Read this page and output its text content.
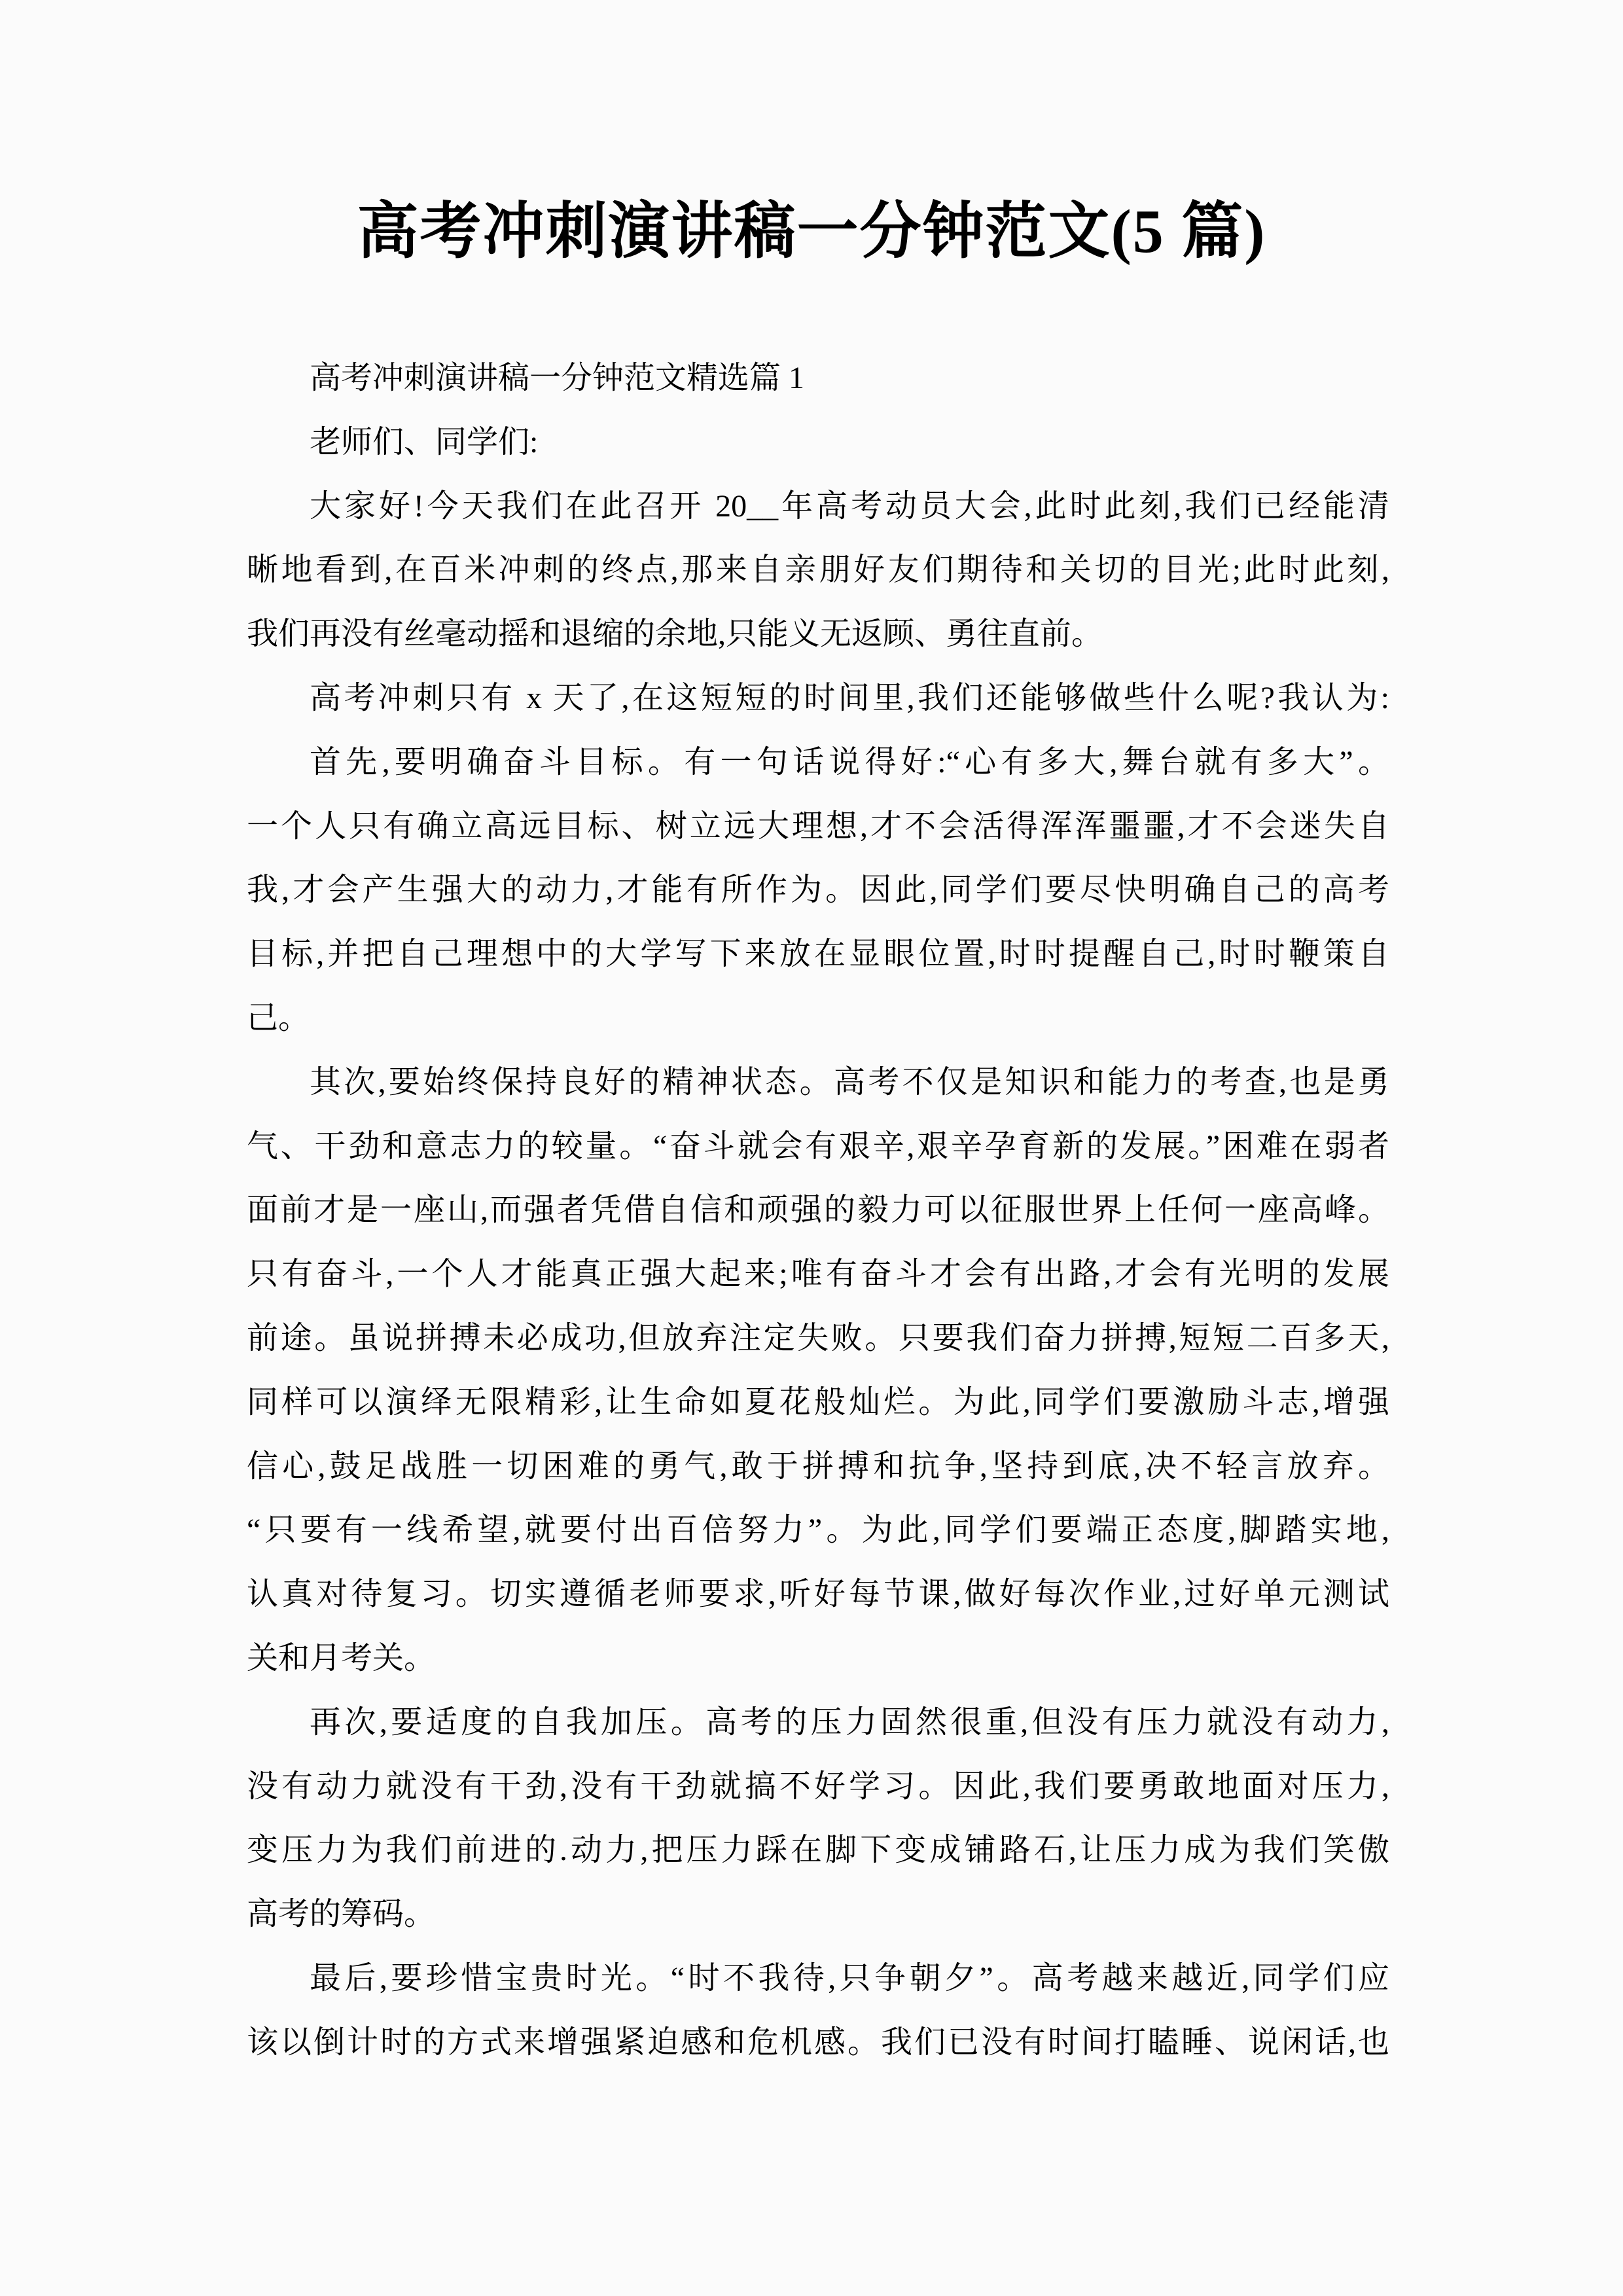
高考冲刺演讲稿一分钟范文(5 篇)
高考冲刺演讲稿一分钟范文精选篇 1
老师们、同学们:
大家好!今天我们在此召开 20__年高考动员大会,此时此刻,我们已经能清
晰地看到,在百米冲刺的终点,那来自亲朋好友们期待和关切的目光;此时此刻,
我们再没有丝毫动摇和退缩的余地,只能义无返顾、勇往直前。
高考冲刺只有 x 天了,在这短短的时间里,我们还能够做些什么呢?我认为:
首先,要明确奋斗目标。有一句话说得好:“心有多大,舞台就有多大”。
一个人只有确立高远目标、树立远大理想,才不会活得浑浑噩噩,才不会迷失自
我,才会产生强大的动力,才能有所作为。因此,同学们要尽快明确自己的高考
目标,并把自己理想中的大学写下来放在显眼位置,时时提醒自己,时时鞭策自
己。
其次,要始终保持良好的精神状态。高考不仅是知识和能力的考查,也是勇
气、干劲和意志力的较量。“奋斗就会有艰辛,艰辛孕育新的发展。”困难在弱者
面前才是一座山,而强者凭借自信和顽强的毅力可以征服世界上任何一座高峰。
只有奋斗,一个人才能真正强大起来;唯有奋斗才会有出路,才会有光明的发展
前途。虽说拼搏未必成功,但放弃注定失败。只要我们奋力拼搏,短短二百多天,
同样可以演绎无限精彩,让生命如夏花般灿烂。为此,同学们要激励斗志,增强
信心,鼓足战胜一切困难的勇气,敢于拼搏和抗争,坚持到底,决不轻言放弃。
“只要有一线希望,就要付出百倍努力”。为此,同学们要端正态度,脚踏实地,
认真对待复习。切实遵循老师要求,听好每节课,做好每次作业,过好单元测试
关和月考关。
再次,要适度的自我加压。高考的压力固然很重,但没有压力就没有动力,
没有动力就没有干劲,没有干劲就搞不好学习。因此,我们要勇敢地面对压力,
变压力为我们前进的.动力,把压力踩在脚下变成铺路石,让压力成为我们笑傲
高考的筹码。
最后,要珍惜宝贵时光。“时不我待,只争朝夕”。高考越来越近,同学们应
该以倒计时的方式来增强紧迫感和危机感。我们已没有时间打瞌睡、说闲话,也
